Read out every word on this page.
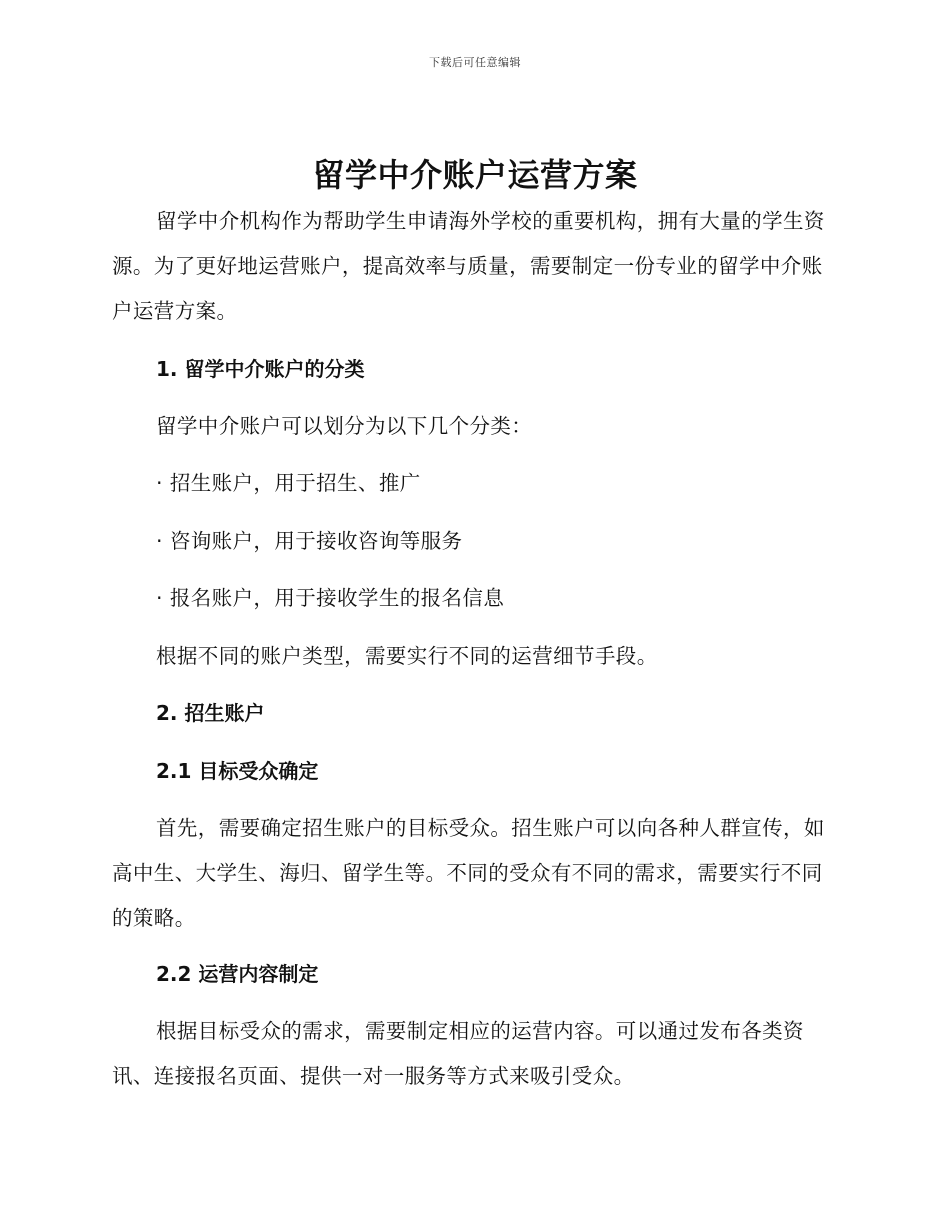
下载后可任意编辑
留学中介账户运营方案

留学中介机构作为帮助学生申请海外学校的重要机构，拥有大量的学生资源。为了更好地运营账户，提高效率与质量，需要制定一份专业的留学中介账户运营方案。

1. 留学中介账户的分类

留学中介账户可以划分为以下几个分类：

· 招生账户，用于招生、推广

· 咨询账户，用于接收咨询等服务

· 报名账户，用于接收学生的报名信息

根据不同的账户类型，需要实行不同的运营细节手段。

2. 招生账户

2.1 目标受众确定

首先，需要确定招生账户的目标受众。招生账户可以向各种人群宣传，如高中生、大学生、海归、留学生等。不同的受众有不同的需求，需要实行不同的策略。

2.2 运营内容制定

根据目标受众的需求，需要制定相应的运营内容。可以通过发布各类资讯、连接报名页面、提供一对一服务等方式来吸引受众。
